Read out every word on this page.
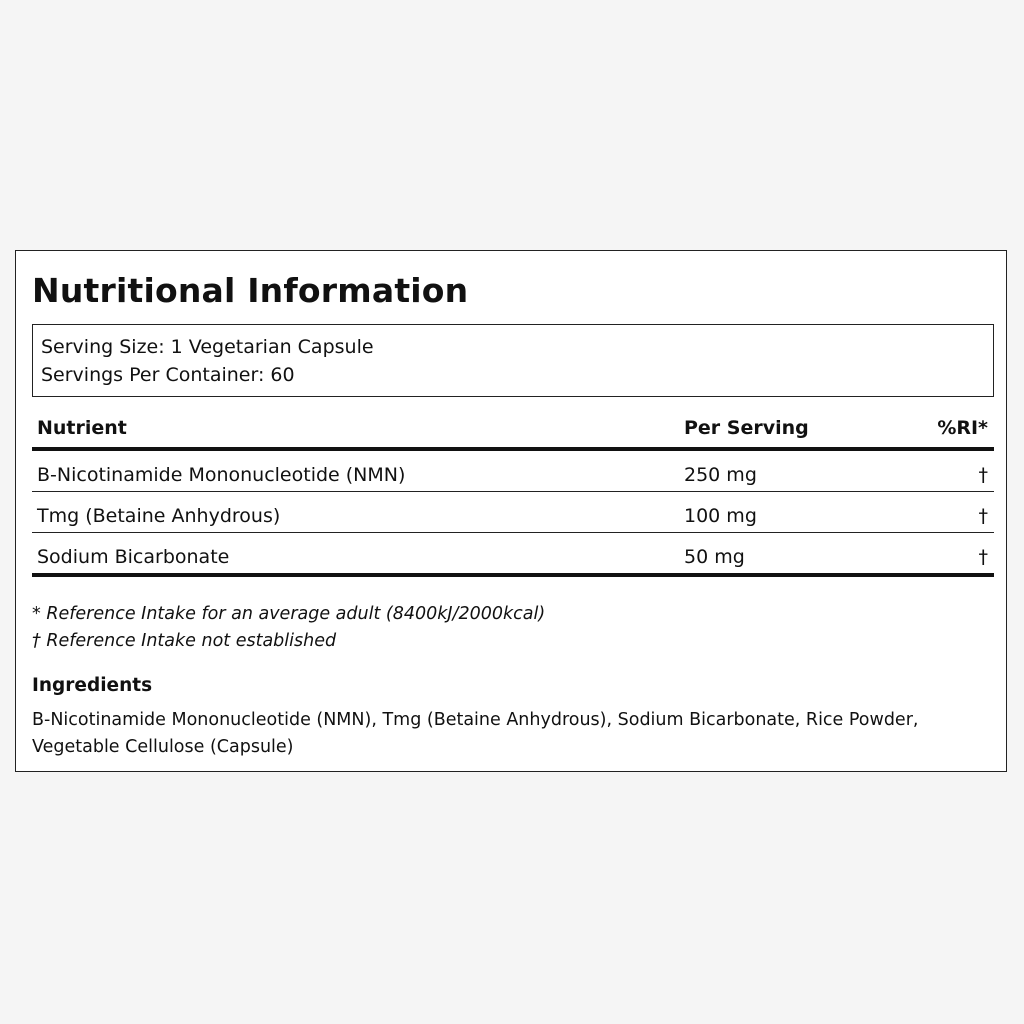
Nutritional Information
Serving Size: 1 Vegetarian Capsule
Servings Per Container: 60
Nutrient	Per Serving	%RI*
B-Nicotinamide Mononucleotide (NMN)	250 mg	†
Tmg (Betaine Anhydrous)	100 mg	†
Sodium Bicarbonate	50 mg	†
* Reference Intake for an average adult (8400kJ/2000kcal)
† Reference Intake not established
Ingredients
B-Nicotinamide Mononucleotide (NMN), Tmg (Betaine Anhydrous), Sodium Bicarbonate, Rice Powder, Vegetable Cellulose (Capsule)
